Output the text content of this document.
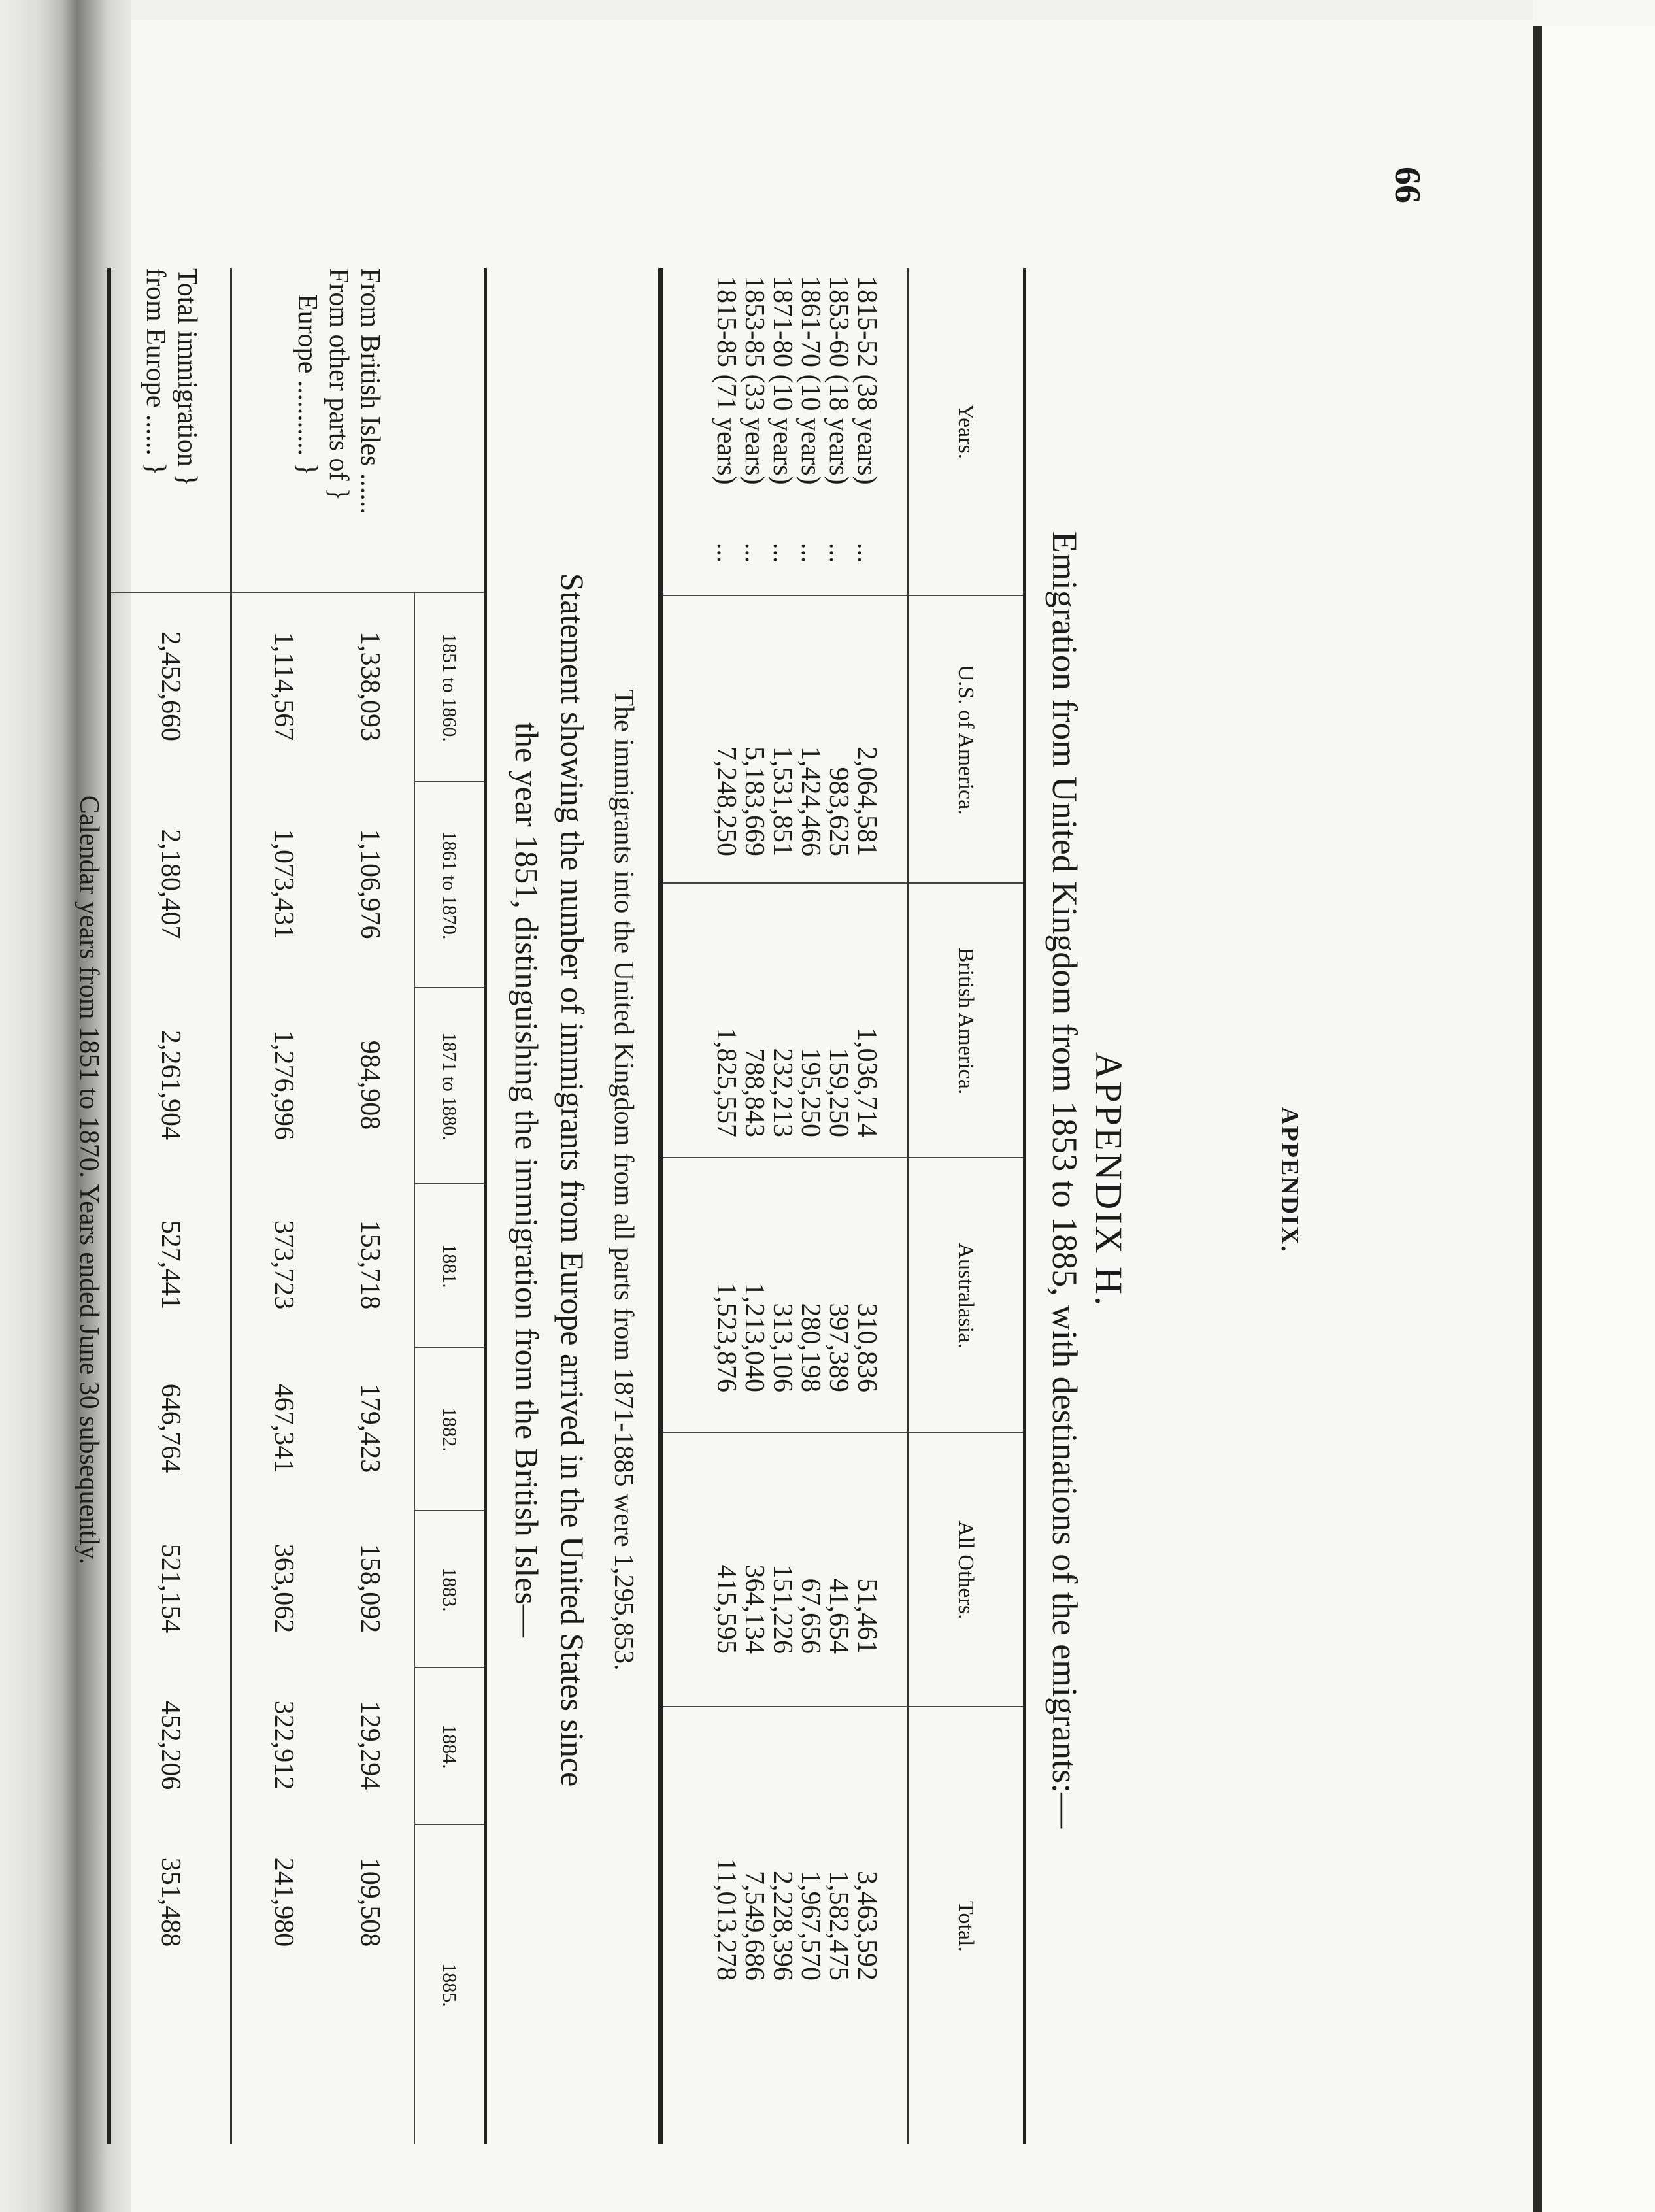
66
APPENDIX.
APPENDIX H.
Emigration from United Kingdom from 1853 to 1885, with destinations of the emigrants:—
Years.
U.S. of America.
British America.
Australasia.
All Others.
Total.
1815-52 (38 years)
...
2,064,581
1,036,714
310,836
51,461
3,463,592
1853-60 (18 years)
...
983,625
159,250
397,389
41,654
1,582,475
1861-70 (10 years)
...
1,424,466
195,250
280,198
67,656
1,967,570
1871-80 (10 years)
...
1,531,851
232,213
313,106
151,226
2,228,396
1853-85 (33 years)
...
5,183,669
788,843
1,213,040
364,134
7,549,686
1815-85 (71 years)
...
7,248,250
1,825,557
1,523,876
415,595
11,013,278
The immigrants into the United Kingdom from all parts from 1871-1885 were 1,295,853.
Statement showing the number of immigrants from Europe arrived in the United States since
the year 1851, distinguishing the immigration from the British Isles—
1851 to 1860.
1861 to 1870.
1871 to 1880.
1881.
1882.
1883.
1884.
1885.
From British Isles ......
From other parts of }
Europe ........... }
Total immigration }
from Europe ...... }
1,338,093
1,106,976
984,908
153,718
179,423
158,092
129,294
109,508
1,114,567
1,073,431
1,276,996
373,723
467,341
363,062
322,912
241,980
2,452,660
2,180,407
2,261,904
527,441
646,764
521,154
452,206
351,488
Calendar years from 1851 to 1870. Years ended June 30 subsequently.
